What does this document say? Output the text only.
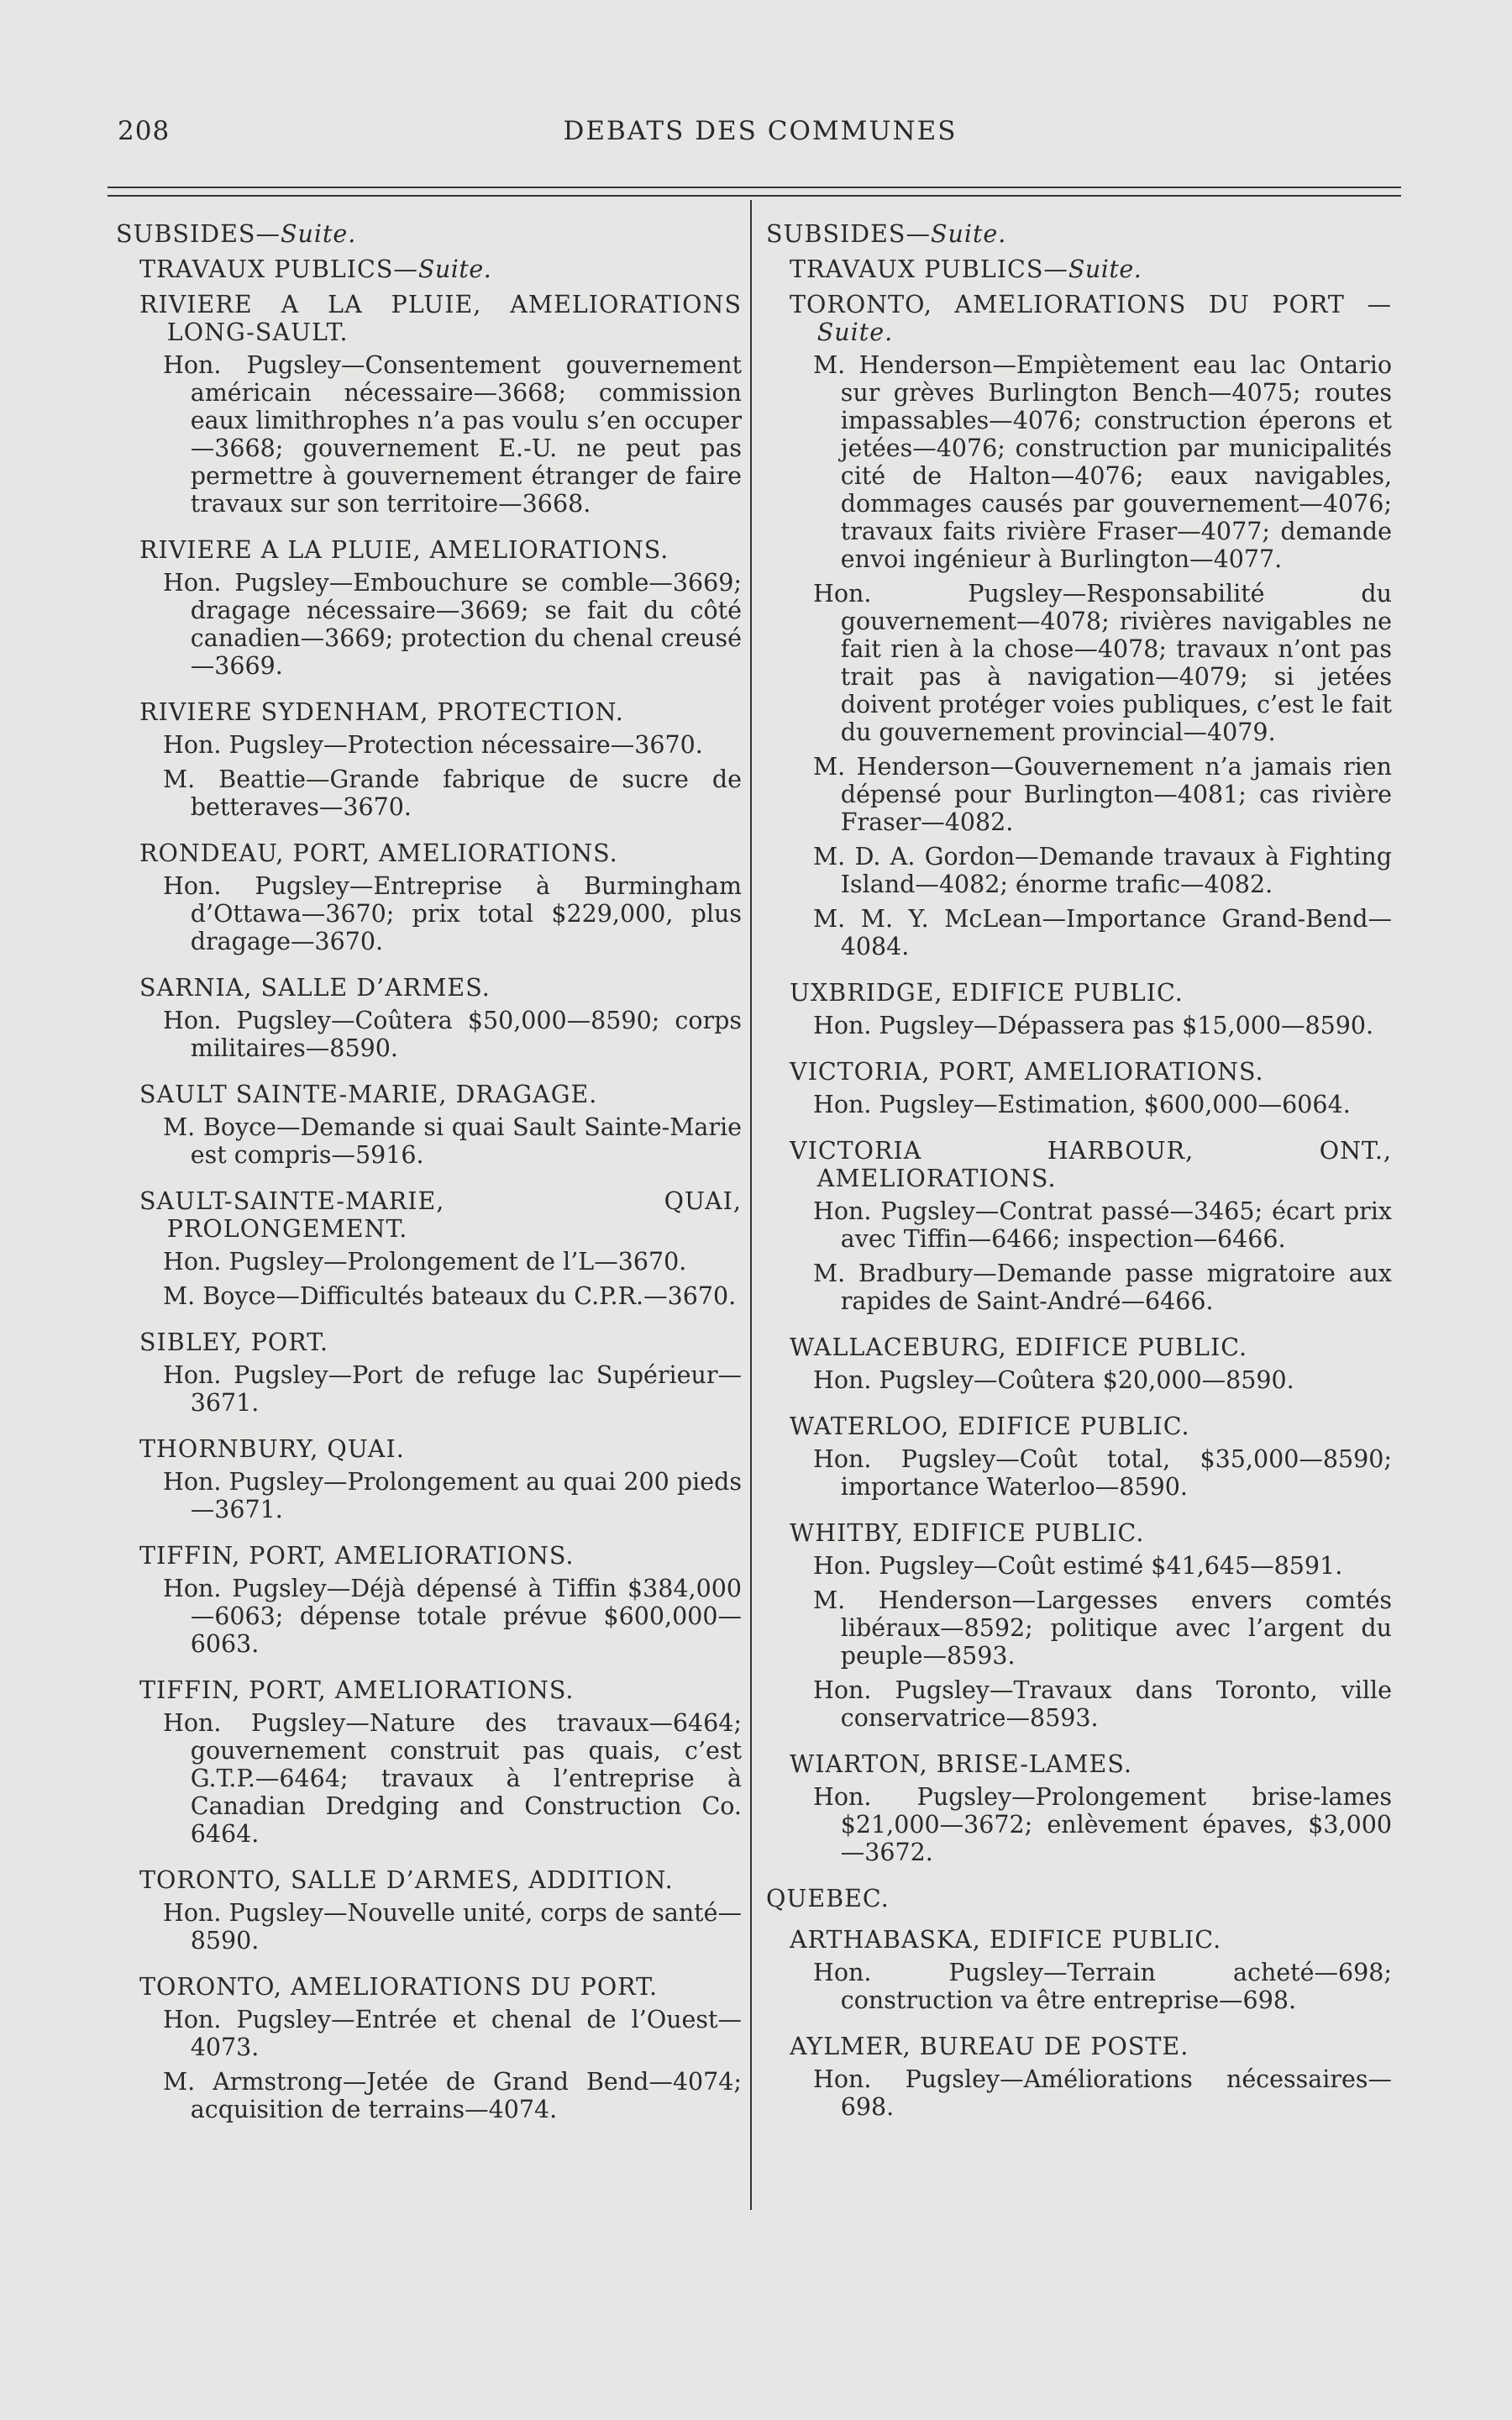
208	DEBATS DES COMMUNES
SUBSIDES—Suite.
TRAVAUX PUBLICS—Suite.
RIVIERE A LA PLUIE, AMELIORATIONS LONG-SAULT.
Hon. Pugsley—Consentement gouvernement américain nécessaire—3668; commission eaux limithrophes n’a pas voulu s’en occuper—3668; gouvernement E.-U. ne peut pas permettre à gouvernement étranger de faire travaux sur son territoire—3668.
RIVIERE A LA PLUIE, AMELIORATIONS.
Hon. Pugsley—Embouchure se comble—3669; dragage nécessaire—3669; se fait du côté canadien—3669; protection du chenal creusé—3669.
RIVIERE SYDENHAM, PROTECTION.
Hon. Pugsley—Protection nécessaire—3670.
M. Beattie—Grande fabrique de sucre de betteraves—3670.
RONDEAU, PORT, AMELIORATIONS.
Hon. Pugsley—Entreprise à Burmingham d’Ottawa—3670; prix total $229,000, plus dragage—3670.
SARNIA, SALLE D’ARMES.
Hon. Pugsley—Coûtera $50,000—8590; corps militaires—8590.
SAULT SAINTE-MARIE, DRAGAGE.
M. Boyce—Demande si quai Sault Sainte-Marie est compris—5916.
SAULT-SAINTE-MARIE, QUAI, PROLONGEMENT.
Hon. Pugsley—Prolongement de l’L—3670.
M. Boyce—Difficultés bateaux du C.P.R.—3670.
SIBLEY, PORT.
Hon. Pugsley—Port de refuge lac Supérieur—3671.
THORNBURY, QUAI.
Hon. Pugsley—Prolongement au quai 200 pieds—3671.
TIFFIN, PORT, AMELIORATIONS.
Hon. Pugsley—Déjà dépensé à Tiffin $384,000—6063; dépense totale prévue $600,000—6063.
TIFFIN, PORT, AMELIORATIONS.
Hon. Pugsley—Nature des travaux—6464; gouvernement construit pas quais, c’est G.T.P.—6464; travaux à l’entreprise à Canadian Dredging and Construction Co. 6464.
TORONTO, SALLE D’ARMES, ADDITION.
Hon. Pugsley—Nouvelle unité, corps de santé—8590.
TORONTO, AMELIORATIONS DU PORT.
Hon. Pugsley—Entrée et chenal de l’Ouest—4073.
M. Armstrong—Jetée de Grand Bend—4074; acquisition de terrains—4074.
SUBSIDES—Suite.
TRAVAUX PUBLICS—Suite.
TORONTO, AMELIORATIONS DU PORT —Suite.
M. Henderson—Empiètement eau lac Ontario sur grèves Burlington Bench—4075; routes impassables—4076; construction éperons et jetées—4076; construction par municipalités cité de Halton—4076; eaux navigables, dommages causés par gouvernement—4076; travaux faits rivière Fraser—4077; demande envoi ingénieur à Burlington—4077.
Hon. Pugsley—Responsabilité du gouvernement—4078; rivières navigables ne fait rien à la chose—4078; travaux n’ont pas trait pas à navigation—4079; si jetées doivent protéger voies publiques, c’est le fait du gouvernement provincial—4079.
M. Henderson—Gouvernement n’a jamais rien dépensé pour Burlington—4081; cas rivière Fraser—4082.
M. D. A. Gordon—Demande travaux à Fighting Island—4082; énorme trafic—4082.
M. M. Y. McLean—Importance Grand-Bend—4084.
UXBRIDGE, EDIFICE PUBLIC.
Hon. Pugsley—Dépassera pas $15,000—8590.
VICTORIA, PORT, AMELIORATIONS.
Hon. Pugsley—Estimation, $600,000—6064.
VICTORIA HARBOUR, ONT., AMELIORATIONS.
Hon. Pugsley—Contrat passé—3465; écart prix avec Tiffin—6466; inspection—6466.
M. Bradbury—Demande passe migratoire aux rapides de Saint-André—6466.
WALLACEBURG, EDIFICE PUBLIC.
Hon. Pugsley—Coûtera $20,000—8590.
WATERLOO, EDIFICE PUBLIC.
Hon. Pugsley—Coût total, $35,000—8590; importance Waterloo—8590.
WHITBY, EDIFICE PUBLIC.
Hon. Pugsley—Coût estimé $41,645—8591.
M. Henderson—Largesses envers comtés libéraux—8592; politique avec l’argent du peuple—8593.
Hon. Pugsley—Travaux dans Toronto, ville conservatrice—8593.
WIARTON, BRISE-LAMES.
Hon. Pugsley—Prolongement brise-lames $21,000—3672; enlèvement épaves, $3,000—3672.
QUEBEC.
ARTHABASKA, EDIFICE PUBLIC.
Hon. Pugsley—Terrain acheté—698; construction va être entreprise—698.
AYLMER, BUREAU DE POSTE.
Hon. Pugsley—Améliorations nécessaires—698.
